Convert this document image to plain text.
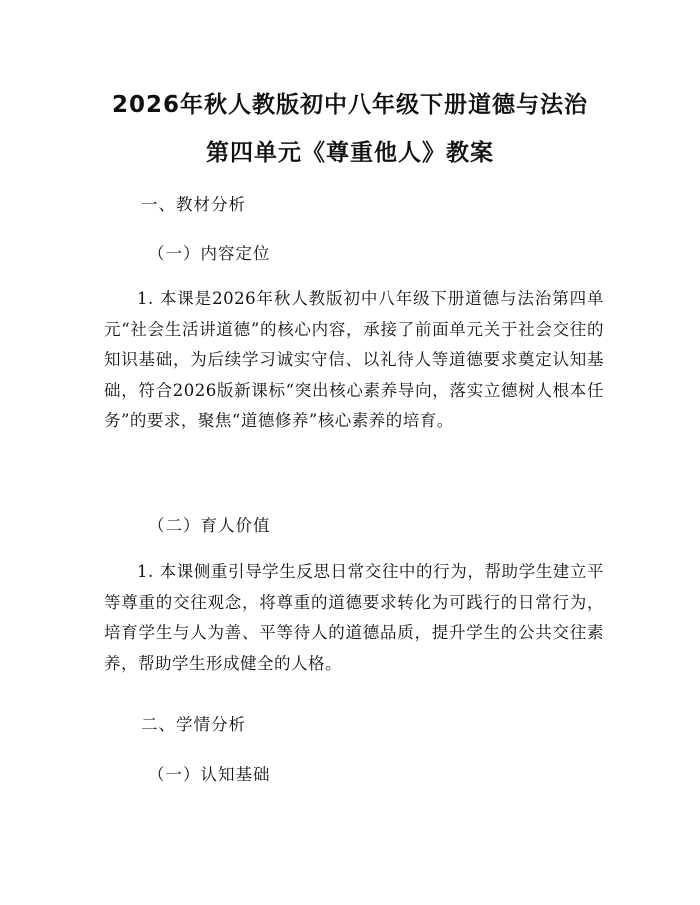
2026年秋人教版初中八年级下册道德与法治
第四单元《尊重他人》教案

一、教材分析

（一）内容定位

1. 本课是2026年秋人教版初中八年级下册道德与法治第四单元“社会生活讲道德”的核心内容，承接了前面单元关于社会交往的知识基础，为后续学习诚实守信、以礼待人等道德要求奠定认知基础，符合2026版新课标“突出核心素养导向，落实立德树人根本任务”的要求，聚焦“道德修养”核心素养的培育。

（二）育人价值

1. 本课侧重引导学生反思日常交往中的行为，帮助学生建立平等尊重的交往观念，将尊重的道德要求转化为可践行的日常行为，培育学生与人为善、平等待人的道德品质，提升学生的公共交往素养，帮助学生形成健全的人格。

二、学情分析

（一）认知基础
